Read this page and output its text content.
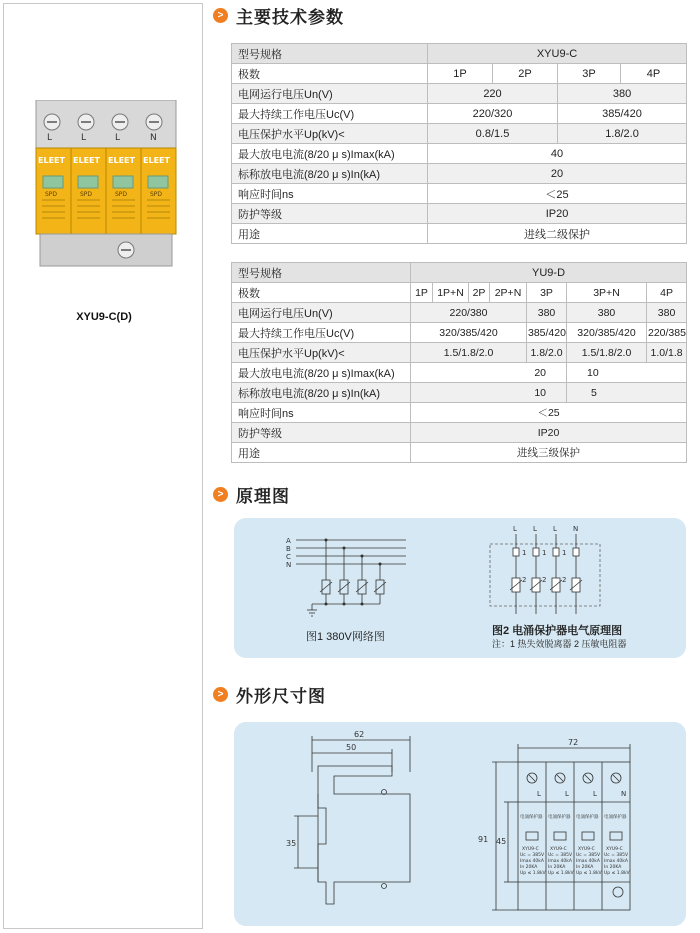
L	L	L	N
ELEET ELEET ELEET ELEET
SPD	SPD	SPD	SPD
XYU9-C(D)
> 主要技术参数
型号规格	XYU9-C			
极数	1P	2P	3P	4P
电网运行电压Un(V)	220		380	
最大持续工作电压Uc(V)	220/320		385/420	
电压保护水平Up(kV)<	0.8/1.5		1.8/2.0	
最大放电电流(8/20 μ s)Imax(kA)	40			
标称放电电流(8/20 μ s)In(kA)	20			
响应时间ns	＜25			
防护等级	IP20			
用途	进线二级保护			
型号规格	YU9-D						
极数	1P	1P+N	2P	2P+N	3P	3P+N	4P
电网运行电压Un(V)	220/380				380	380	380
最大持续工作电压Uc(V)	320/385/420				385/420	320/385/420	220/385
电压保护水平Up(kV)<	1.5/1.8/2.0				1.8/2.0	1.5/1.8/2.0	1.0/1.8
最大放电电流(8/20 μ s)Imax(kA)	20					10	
标称放电电流(8/20 μ s)In(kA)	10					5	
响应时间ns	＜25						
防护等级	IP20						
用途	进线三级保护						
> 原理图
A
B
C
N
L L L N
1 1 1
2 2 2
图1 380V网络图	图2 电涌保护器电气原理图
注：1 热失效脱离器 2 压敏电阻器
> 外形尺寸图
62
50
35
72
91 45
L	L	L	N
电涌保护器 电涌保护器 电涌保护器 电涌保护器
XYU9-C XYU9-C XYU9-C XYU9-C
Uc = 385V Uc = 385V Uc = 385V Uc = 385V
Imax 40kA Imax 40kA Imax 40kA Imax 40kA
In 20KA In 20KA In 20KA In 20KA
Up ≤ 1.8kV Up ≤ 1.8kV Up ≤ 1.8kV Up ≤ 1.8kV
